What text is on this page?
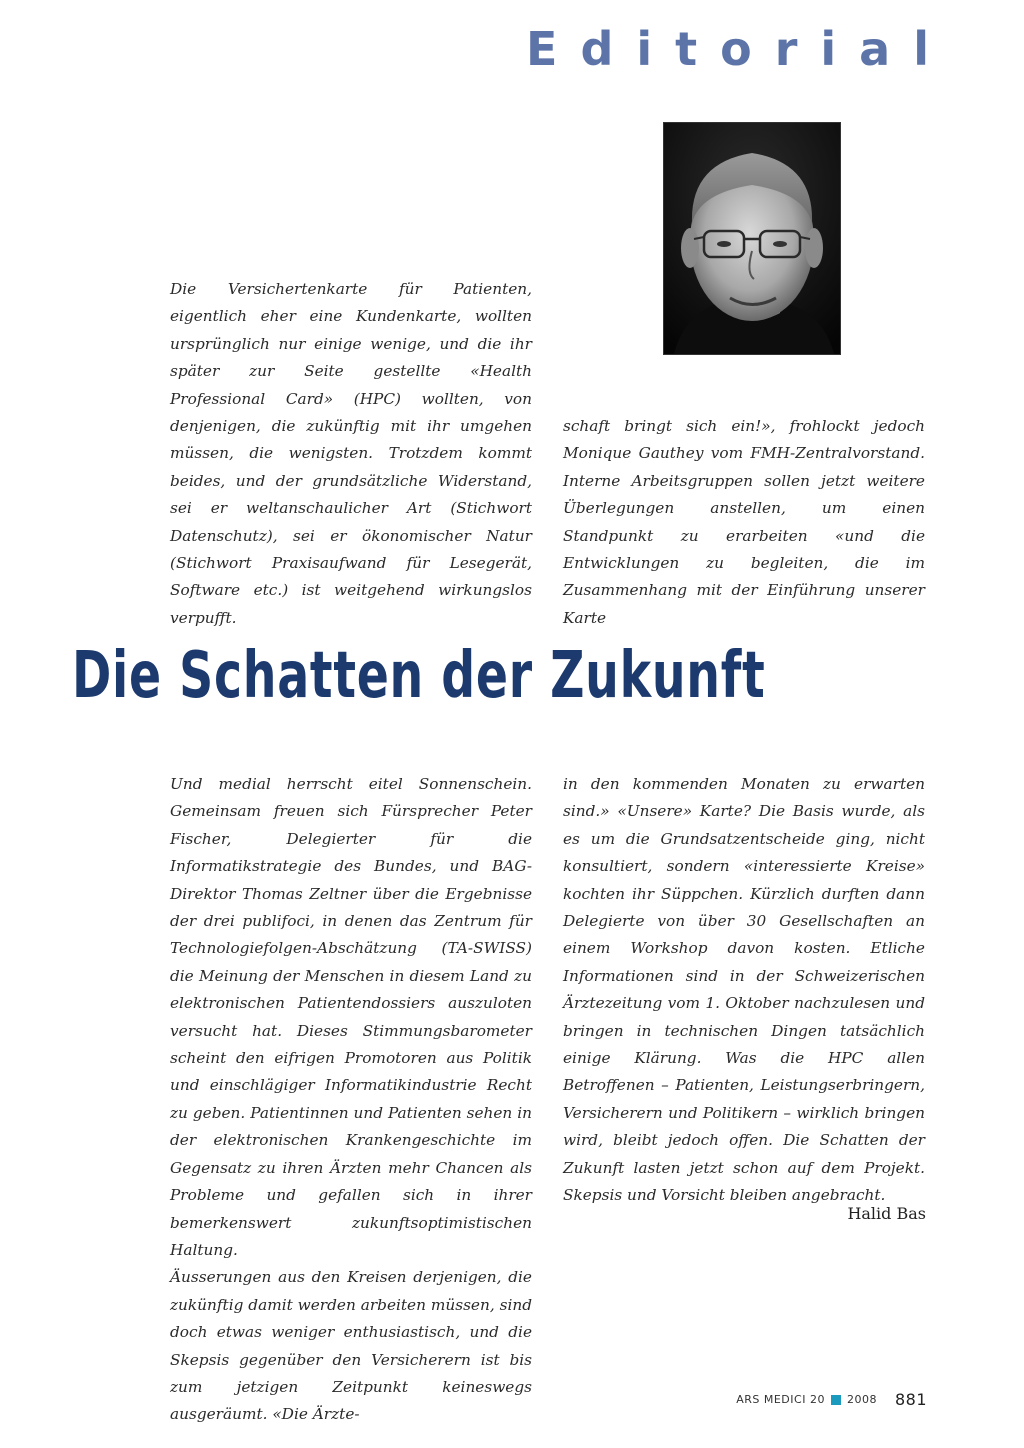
Editorial

Die Versichertenkarte für Patienten, eigentlich eher eine Kundenkarte, wollten ursprünglich nur einige wenige, und die ihr später zur Seite gestellte «Health Professional Card» (HPC) wollten, von denjenigen, die zukünftig mit ihr umgehen müssen, die wenigsten. Trotzdem kommt beides, und der grundsätzliche Widerstand, sei er weltanschaulicher Art (Stichwort Datenschutz), sei er ökonomischer Natur (Stichwort Praxisaufwand für Lesegerät, Software etc.) ist weitgehend wirkungslos verpufft.

schaft bringt sich ein!», frohlockt jedoch Monique Gauthey vom FMH-Zentralvorstand. Interne Arbeitsgruppen sollen jetzt weitere Überlegungen anstellen, um einen Standpunkt zu erarbeiten «und die Entwicklungen zu begleiten, die im Zusammenhang mit der Einführung unserer Karte

Die Schatten der Zukunft

Und medial herrscht eitel Sonnenschein. Gemeinsam freuen sich Fürsprecher Peter Fischer, Delegierter für die Informatikstrategie des Bundes, und BAG-Direktor Thomas Zeltner über die Ergebnisse der drei publifoci, in denen das Zentrum für Technologiefolgen-Abschätzung (TA-SWISS) die Meinung der Menschen in diesem Land zu elektronischen Patientendossiers auszuloten versucht hat. Dieses Stimmungsbarometer scheint den eifrigen Promotoren aus Politik und einschlägiger Informatikindustrie Recht zu geben. Patientinnen und Patienten sehen in der elektronischen Krankengeschichte im Gegensatz zu ihren Ärzten mehr Chancen als Probleme und gefallen sich in ihrer bemerkenswert zukunftsoptimistischen Haltung.

Äusserungen aus den Kreisen derjenigen, die zukünftig damit werden arbeiten müssen, sind doch etwas weniger enthusiastisch, und die Skepsis gegenüber den Versicherern ist bis zum jetzigen Zeitpunkt keineswegs ausgeräumt. «Die Ärzte-

in den kommenden Monaten zu erwarten sind.» «Unsere» Karte? Die Basis wurde, als es um die Grundsatzentscheide ging, nicht konsultiert, sondern «interessierte Kreise» kochten ihr Süppchen. Kürzlich durften dann Delegierte von über 30 Gesellschaften an einem Workshop davon kosten. Etliche Informationen sind in der Schweizerischen Ärztezeitung vom 1. Oktober nachzulesen und bringen in technischen Dingen tatsächlich einige Klärung. Was die HPC allen Betroffenen – Patienten, Leistungserbringern, Versicherern und Politikern – wirklich bringen wird, bleibt jedoch offen. Die Schatten der Zukunft lasten jetzt schon auf dem Projekt. Skepsis und Vorsicht bleiben angebracht.

Halid Bas
ARS MEDICI 20 2008 881
